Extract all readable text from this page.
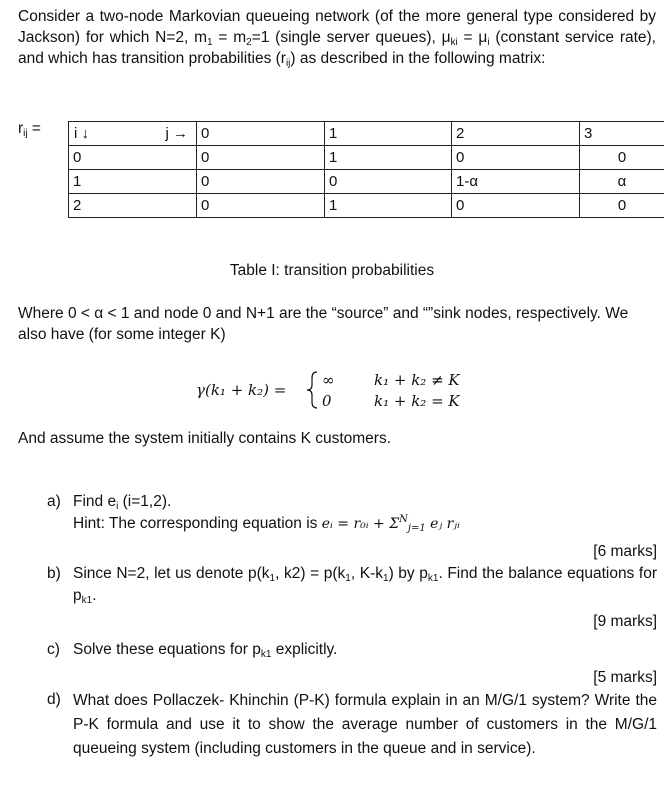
Consider a two-node Markovian queueing network (of the more general type considered by Jackson) for which N=2, $m_1 = m_2=1$ (single server queues), $\mu_{ki} = \mu_i$ (constant service rate), and which has transition probabilities $(r_{ij})$ as described in the following matrix:
$r_{ij} = i$ ↓ j →	0	1	2	3
0	0	1	0	0
1	0	0	1-α	α
2	0	1	0	0
Table I: transition probabilities
Where 0 < α < 1 and node 0 and N+1 are the “source” and “”sink nodes, respectively. We also have (for some integer K)
γ(k₁ + k₂) =
∞	k₁ + k₂ ≠ K
0	k₁ + k₂ = K
And assume the system initially contains K customers.
a) Find $e_i$ (i=1,2).
Hint: The corresponding equation is eᵢ = r₀ᵢ + $\Sigma^N_{j=1}$ eⱼ rⱼᵢ
[6 marks]
b) Since N=2, let us denote $p(k_1$, $k2) = p(k_1$, $K-k_1$) by $p_{k1}$. Find the balance equations for $p_{k1}$.
[9 marks]
c) Solve these equations for $p_{k1}$ explicitly.
[5 marks]
d) What does Pollaczek- Khinchin (P-K) formula explain in an M/G/1 system? Write the P-K formula and use it to show the average number of customers in the M/G/1 queueing system (including customers in the queue and in service).
